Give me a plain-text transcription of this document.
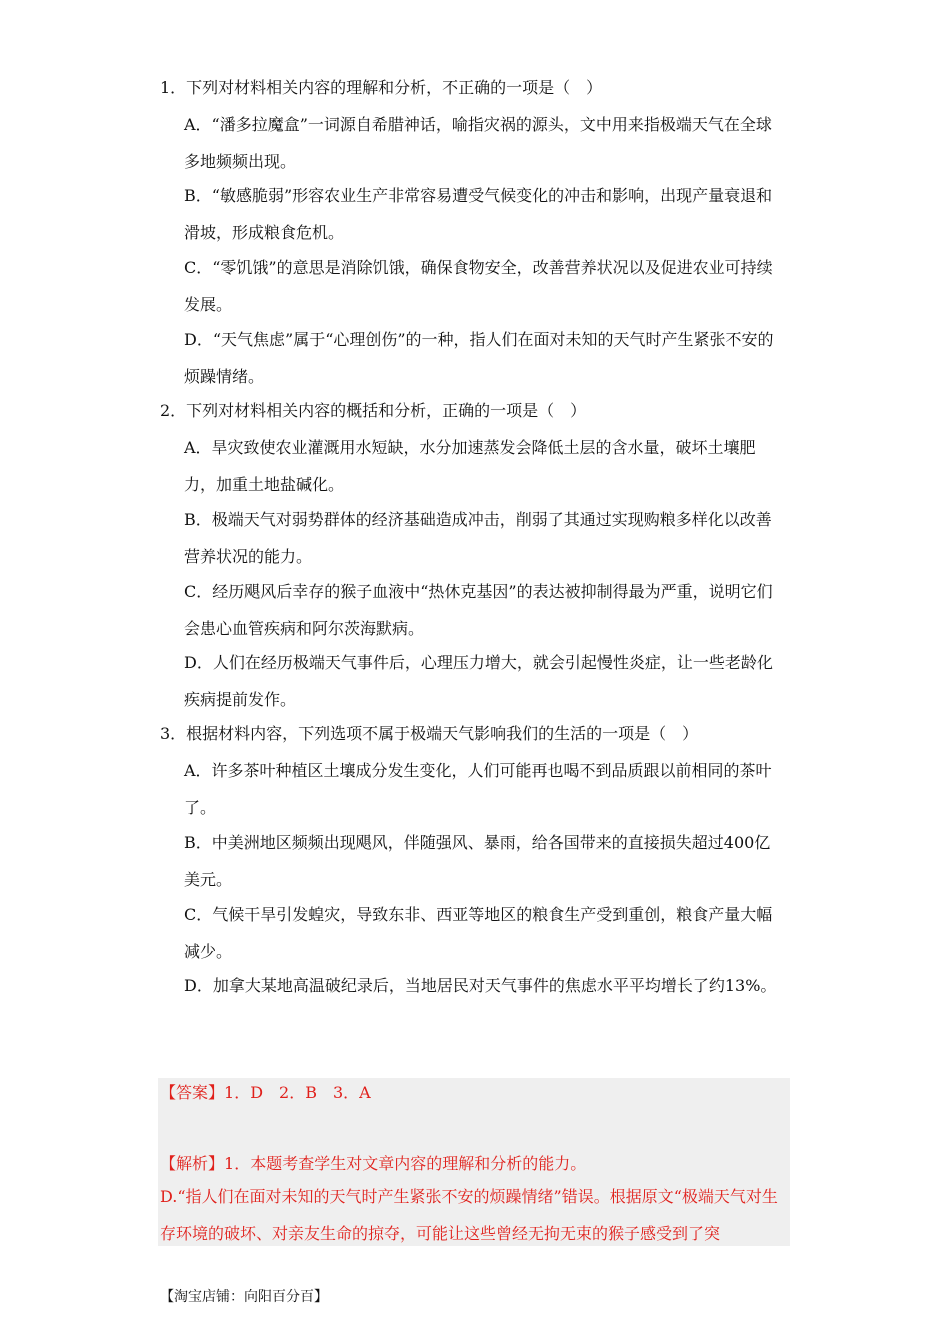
1．下列对材料相关内容的理解和分析，不正确的一项是（　）
A．“潘多拉魔盒”一词源自希腊神话，喻指灾祸的源头，文中用来指极端天气在全球多地频频出现。
B．“敏感脆弱”形容农业生产非常容易遭受气候变化的冲击和影响，出现产量衰退和滑坡，形成粮食危机。
C．“零饥饿”的意思是消除饥饿，确保食物安全，改善营养状况以及促进农业可持续发展。
D．“天气焦虑”属于“心理创伤”的一种，指人们在面对未知的天气时产生紧张不安的烦躁情绪。
2．下列对材料相关内容的概括和分析，正确的一项是（　）
A．旱灾致使农业灌溉用水短缺，水分加速蒸发会降低土层的含水量，破坏土壤肥力，加重土地盐碱化。
B．极端天气对弱势群体的经济基础造成冲击，削弱了其通过实现购粮多样化以改善营养状况的能力。
C．经历飓风后幸存的猴子血液中“热休克基因”的表达被抑制得最为严重，说明它们会患心血管疾病和阿尔茨海默病。
D．人们在经历极端天气事件后，心理压力增大，就会引起慢性炎症，让一些老龄化疾病提前发作。
3．根据材料内容，下列选项不属于极端天气影响我们的生活的一项是（　）
A．许多茶叶种植区土壤成分发生变化，人们可能再也喝不到品质跟以前相同的茶叶了。
B．中美洲地区频频出现飓风，伴随强风、暴雨，给各国带来的直接损失超过400亿美元。
C．气候干旱引发蝗灾，导致东非、西亚等地区的粮食生产受到重创，粮食产量大幅减少。
D．加拿大某地高温破纪录后，当地居民对天气事件的焦虑水平平均增长了约13%。
【答案】1．D　2．B　3．A
【解析】1．本题考查学生对文章内容的理解和分析的能力。
D.“指人们在面对未知的天气时产生紧张不安的烦躁情绪”错误。根据原文“极端天气对生存环境的破坏、对亲友生命的掠夺，可能让这些曾经无拘无束的猴子感受到了突
【淘宝店铺：向阳百分百】
